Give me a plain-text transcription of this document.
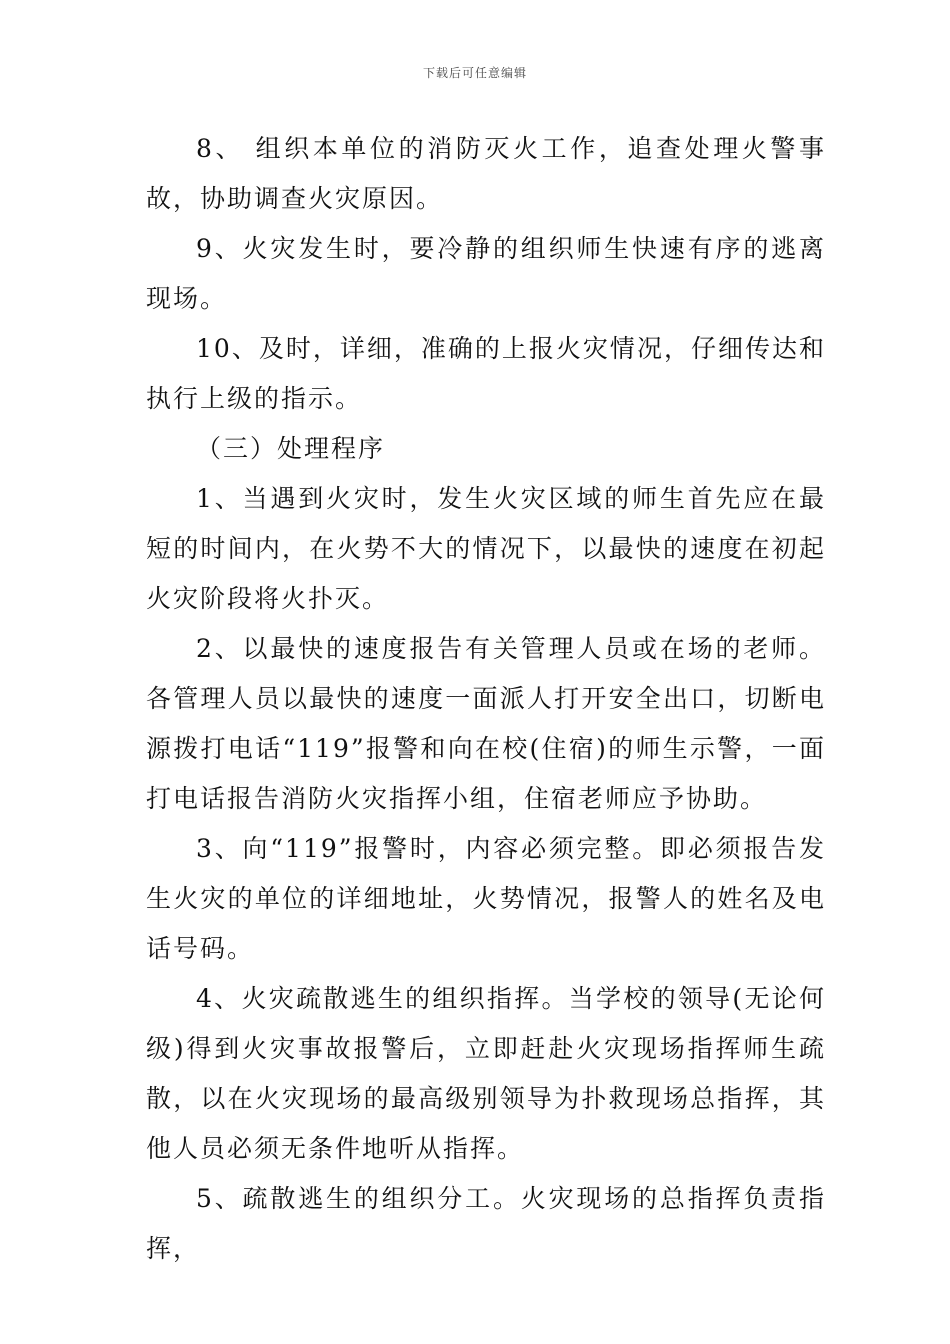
下载后可任意编辑

8、 组织本单位的消防灭火工作，追查处理火警事故，协助调查火灾原因。

9、火灾发生时，要冷静的组织师生快速有序的逃离现场。

10、及时，详细，准确的上报火灾情况，仔细传达和执行上级的指示。

（三）处理程序

1、当遇到火灾时，发生火灾区域的师生首先应在最短的时间内，在火势不大的情况下，以最快的速度在初起火灾阶段将火扑灭。

2、以最快的速度报告有关管理人员或在场的老师。各管理人员以最快的速度一面派人打开安全出口，切断电源拨打电话“119”报警和向在校(住宿)的师生示警，一面打电话报告消防火灾指挥小组，住宿老师应予协助。

3、向“119”报警时，内容必须完整。即必须报告发生火灾的单位的详细地址，火势情况，报警人的姓名及电话号码。

4、火灾疏散逃生的组织指挥。当学校的领导(无论何级)得到火灾事故报警后，立即赶赴火灾现场指挥师生疏散，以在火灾现场的最高级别领导为扑救现场总指挥，其他人员必须无条件地听从指挥。

5、疏散逃生的组织分工。火灾现场的总指挥负责指挥，
